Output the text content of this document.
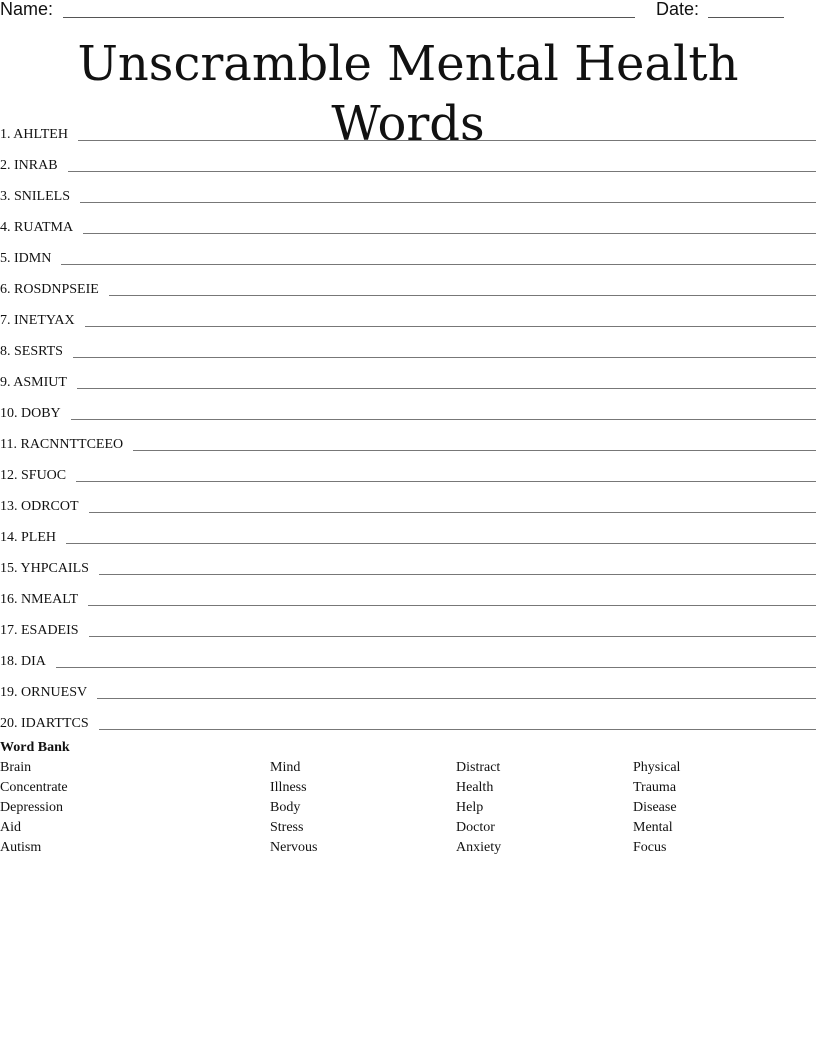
Name:	Date:
Unscramble Mental Health Words
1. AHLTEH
2. INRAB
3. SNILELS
4. RUATMA
5. IDMN
6. ROSDNPSEIE
7. INETYAX
8. SESRTS
9. ASMIUT
10. DOBY
11. RACNNTTCEEO
12. SFUOC
13. ODRCOT
14. PLEH
15. YHPCAILS
16. NMEALT
17. ESADEIS
18. DIA
19. ORNUESV
20. IDARTTCS
Word Bank
Brain
Concentrate
Depression
Aid
Autism
Mind
Illness
Body
Stress
Nervous
Distract
Health
Help
Doctor
Anxiety
Physical
Trauma
Disease
Mental
Focus
